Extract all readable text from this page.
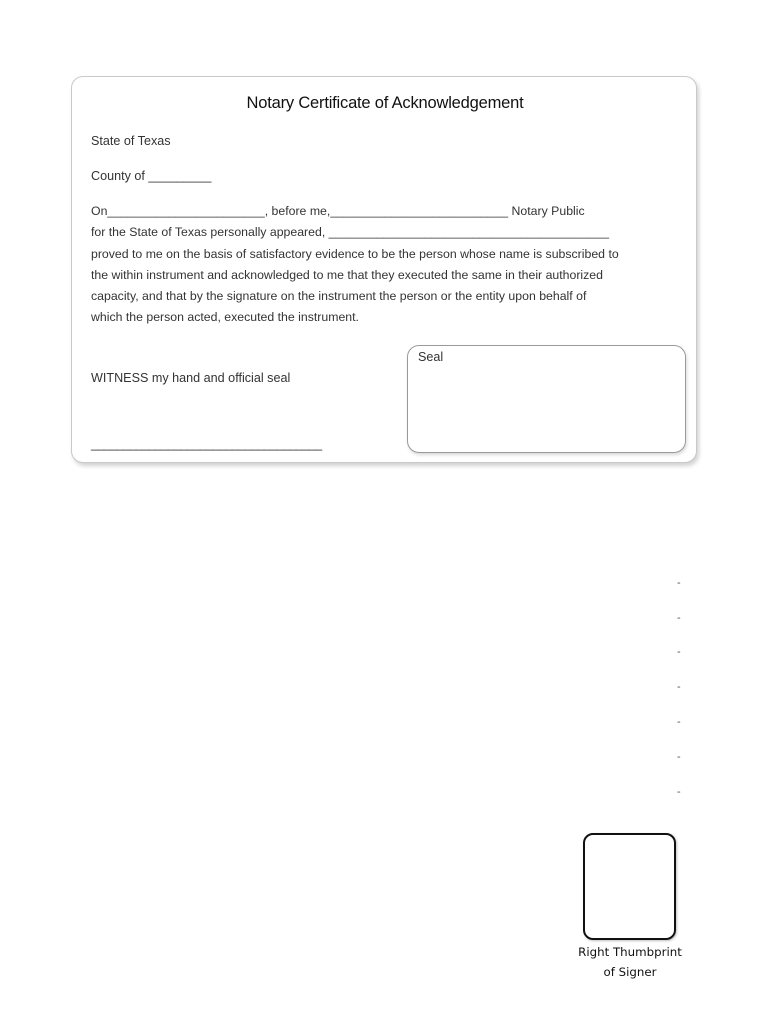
Notary Certificate of Acknowledgement
State of Texas
County of _________
On_______________________, before me,__________________________ Notary Public
for the State of Texas personally appeared, _________________________________________
proved to me on the basis of satisfactory evidence to be the person whose name is subscribed to
the within instrument and acknowledged to me that they executed the same in their authorized
capacity, and that by the signature on the instrument the person or the entity upon behalf of
which the person acted, executed the instrument.
WITNESS my hand and official seal
Seal
____________________________________
-
-
-
-
-
-
-
Right Thumbprint
of Signer
